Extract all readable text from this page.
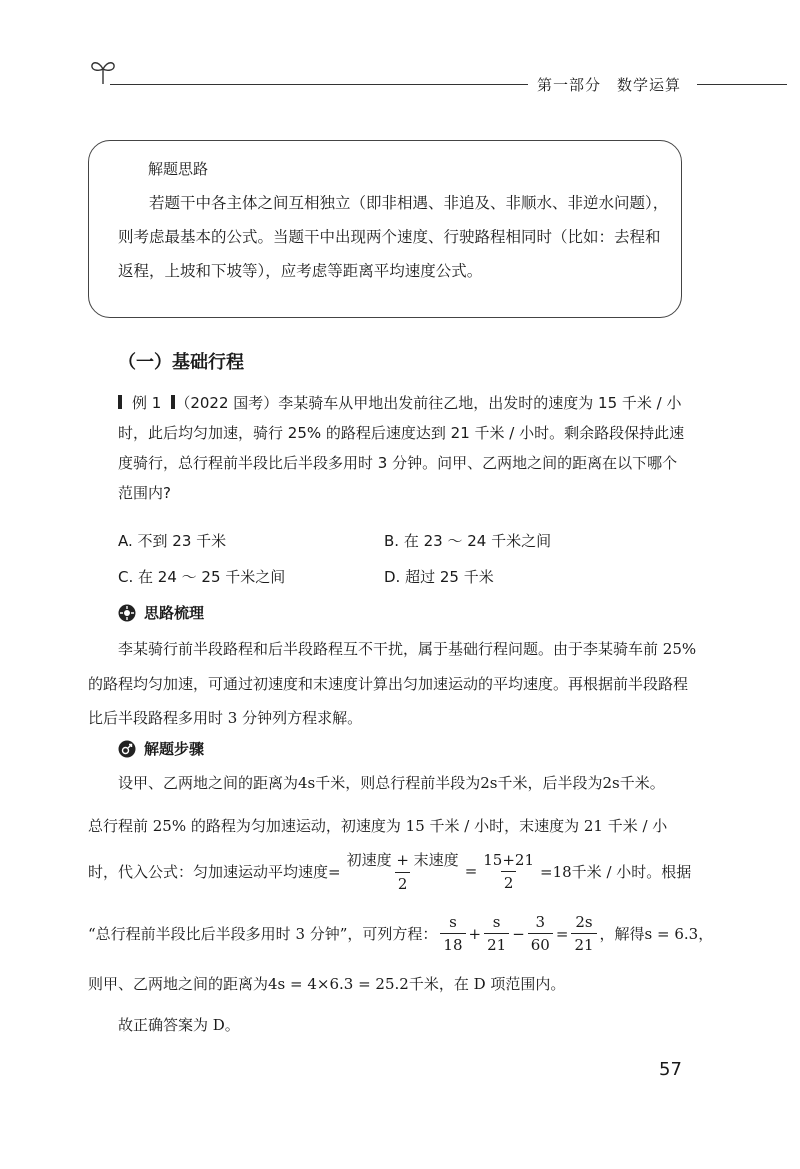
第一部分　数学运算
解题思路
若题干中各主体之间互相独立（即非相遇、非追及、非顺水、非逆水问题），则考虑最基本的公式。当题干中出现两个速度、行驶路程相同时（比如：去程和返程，上坡和下坡等），应考虑等距离平均速度公式。
（一）基础行程
例 1 （2022 国考）李某骑车从甲地出发前往乙地，出发时的速度为 15 千米 / 小时，此后均匀加速，骑行 25% 的路程后速度达到 21 千米 / 小时。剩余路段保持此速度骑行，总行程前半段比后半段多用时 3 分钟。问甲、乙两地之间的距离在以下哪个范围内?
A. 不到 23 千米	B. 在 23 ～ 24 千米之间
C. 在 24 ～ 25 千米之间	D. 超过 25 千米
思路梳理
李某骑行前半段路程和后半段路程互不干扰，属于基础行程问题。由于李某骑车前 25% 的路程均匀加速，可通过初速度和末速度计算出匀加速运动的平均速度。再根据前半段路程比后半段路程多用时 3 分钟列方程求解。
解题步骤
设甲、乙两地之间的距离为4s千米，则总行程前半段为2s千米，后半段为2s千米。
总行程前 25% 的路程为匀加速运动，初速度为 15 千米 / 小时，末速度为 21 千米 / 小
时，代入公式：匀加速运动平均速度= $\frac{\text{初速度 + 末速度}}{2} = \frac{15+21}{2} =18$千米 / 小时。根据
“总行程前半段比后半段多用时 3 分钟”，可列方程： $\frac{s}{18} + \frac{s}{21} - \frac{3}{60} = \frac{2s}{21}$ ，解得s = 6.3，
则甲、乙两地之间的距离为4s = 4×6.3 = 25.2千米，在 D 项范围内。
故正确答案为 D。
57
